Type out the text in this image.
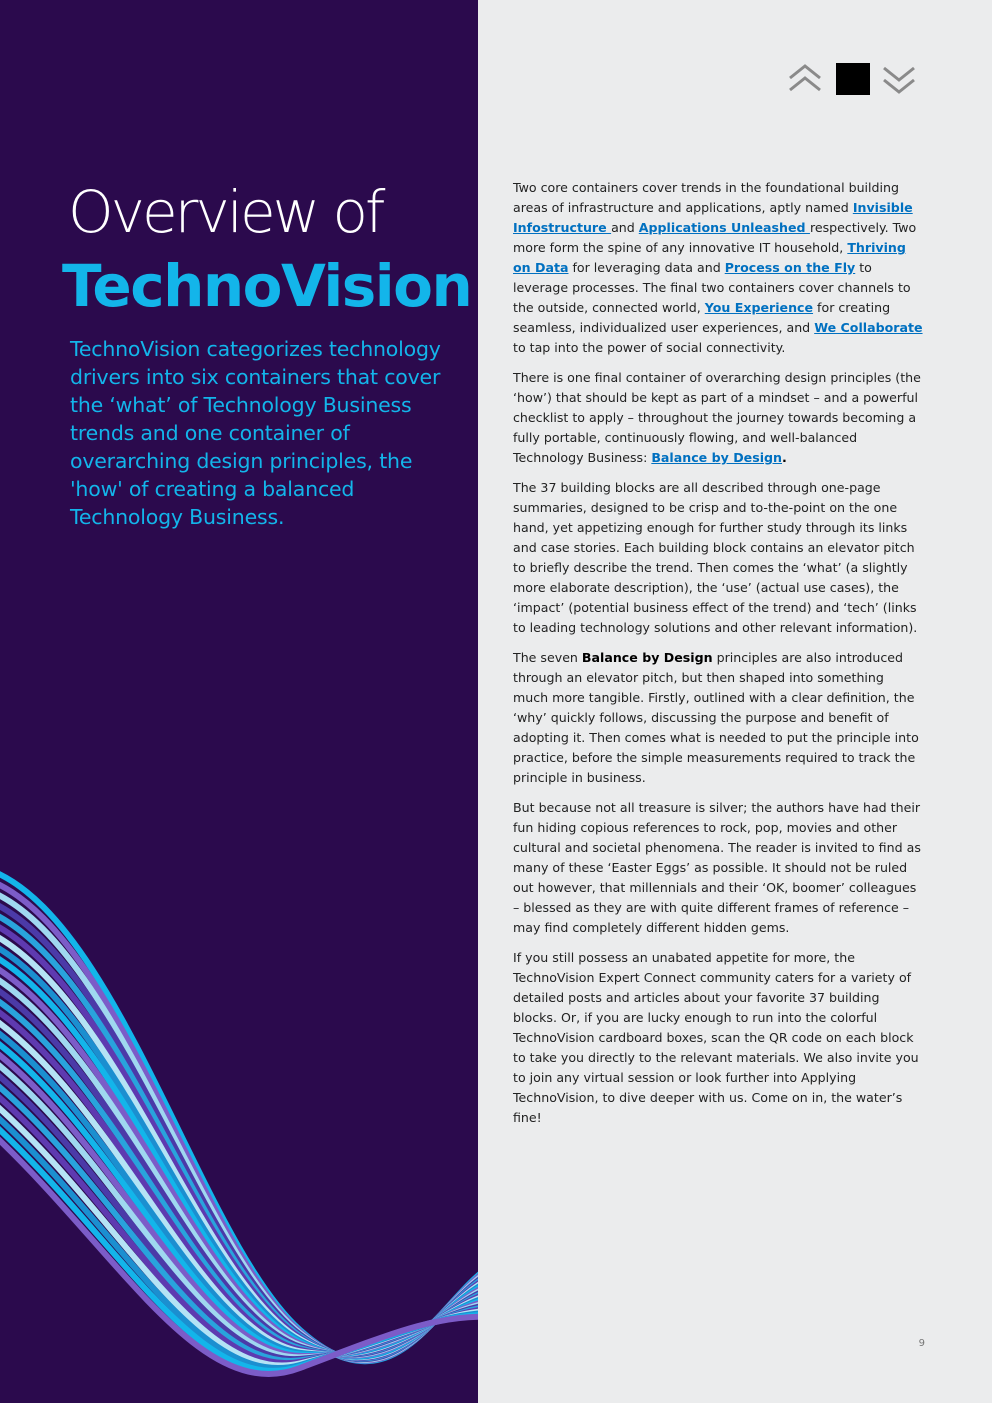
Overview of
TechnoVision

TechnoVision categorizes technology drivers into six containers that cover the ‘what’ of Technology Business trends and one container of overarching design principles, the 'how' of creating a balanced Technology Business.

Two core containers cover trends in the foundational building areas of infrastructure and applications, aptly named Invisible Infostructure and Applications Unleashed respectively. Two more form the spine of any innovative IT household, Thriving on Data for leveraging data and Process on the Fly to leverage processes. The final two containers cover channels to the outside, connected world, You Experience for creating seamless, individualized user experiences, and We Collaborate to tap into the power of social connectivity.

There is one final container of overarching design principles (the ‘how’) that should be kept as part of a mindset – and a powerful checklist to apply – throughout the journey towards becoming a fully portable, continuously flowing, and well-balanced Technology Business: Balance by Design.

The 37 building blocks are all described through one-page summaries, designed to be crisp and to-the-point on the one hand, yet appetizing enough for further study through its links and case stories. Each building block contains an elevator pitch to briefly describe the trend. Then comes the ‘what’ (a slightly more elaborate description), the ‘use’ (actual use cases), the ‘impact’ (potential business effect of the trend) and ‘tech’ (links to leading technology solutions and other relevant information).

The seven Balance by Design principles are also introduced through an elevator pitch, but then shaped into something much more tangible. Firstly, outlined with a clear definition, the ‘why’ quickly follows, discussing the purpose and benefit of adopting it. Then comes what is needed to put the principle into practice, before the simple measurements required to track the principle in business.

But because not all treasure is silver; the authors have had their fun hiding copious references to rock, pop, movies and other cultural and societal phenomena. The reader is invited to find as many of these ‘Easter Eggs’ as possible. It should not be ruled out however, that millennials and their ‘OK, boomer’ colleagues – blessed as they are with quite different frames of reference – may find completely different hidden gems.

If you still possess an unabated appetite for more, the TechnoVision Expert Connect community caters for a variety of detailed posts and articles about your favorite 37 building blocks. Or, if you are lucky enough to run into the colorful TechnoVision cardboard boxes, scan the QR code on each block to take you directly to the relevant materials. We also invite you to join any virtual session or look further into Applying TechnoVision, to dive deeper with us. Come on in, the water’s fine!

9
